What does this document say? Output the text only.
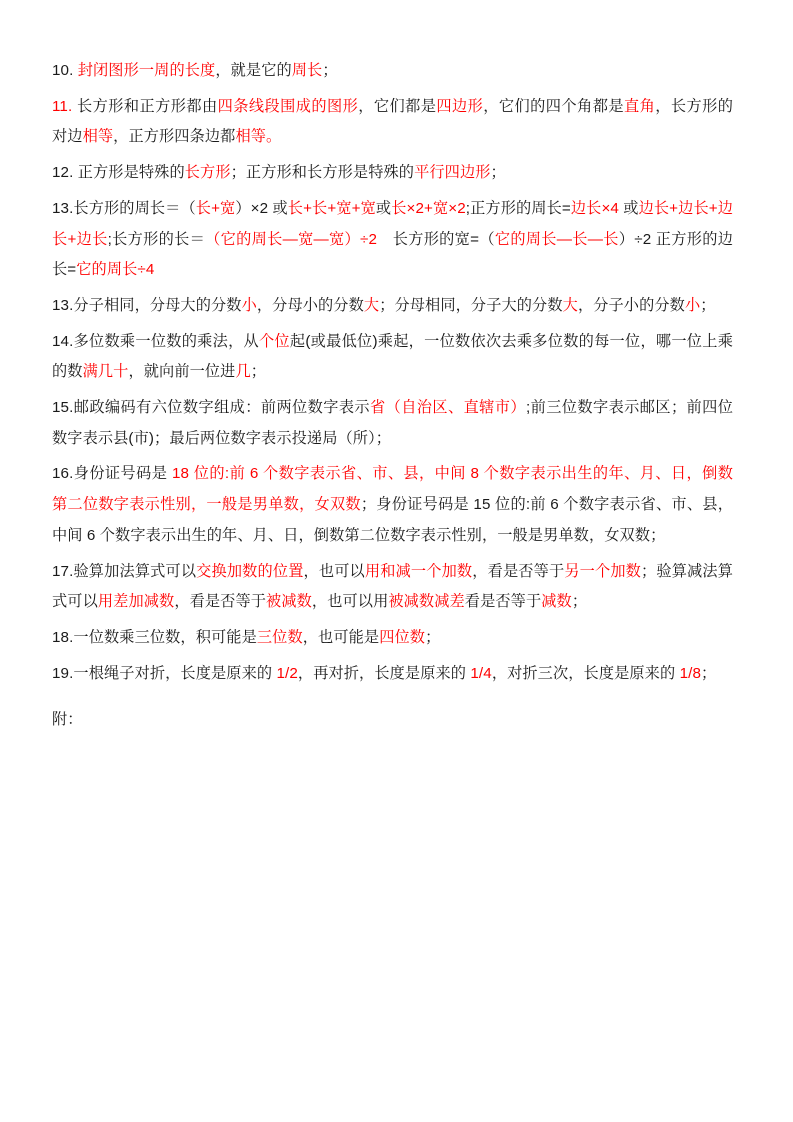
10. 封闭图形一周的长度，就是它的周长；
11. 长方形和正方形都由四条线段围成的图形，它们都是四边形，它们的四个角都是直角，长方形的对边相等，正方形四条边都相等。
12. 正方形是特殊的长方形；正方形和长方形是特殊的平行四边形；
13.长方形的周长＝（长+宽）×2 或长+长+宽+宽或长×2+宽×2;正方形的周长=边长×4 或边长+边长+边长+边长;长方形的长＝（它的周长—宽—宽）÷2　长方形的宽=（它的周长—长—长）÷2 正方形的边长=它的周长÷4
13.分子相同，分母大的分数小，分母小的分数大；分母相同，分子大的分数大，分子小的分数小；
14.多位数乘一位数的乘法，从个位起(或最低位)乘起，一位数依次去乘多位数的每一位，哪一位上乘的数满几十，就向前一位进几；
15.邮政编码有六位数字组成：前两位数字表示省（自治区、直辖市）;前三位数字表示邮区；前四位数字表示县(市)；最后两位数字表示投递局（所）；
16.身份证号码是 18 位的:前 6 个数字表示省、市、县，中间 8 个数字表示出生的年、月、日，倒数第二位数字表示性别，一般是男单数，女双数；身份证号码是 15 位的:前 6 个数字表示省、市、县，中间 6 个数字表示出生的年、月、日，倒数第二位数字表示性别，一般是男单数，女双数；
17.验算加法算式可以交换加数的位置，也可以用和减一个加数，看是否等于另一个加数；验算减法算式可以用差加减数，看是否等于被减数，也可以用被减数减差看是否等于减数；
18.一位数乘三位数，积可能是三位数，也可能是四位数；
19.一根绳子对折，长度是原来的 1/2，再对折，长度是原来的 1/4，对折三次，长度是原来的 1/8；
附：
